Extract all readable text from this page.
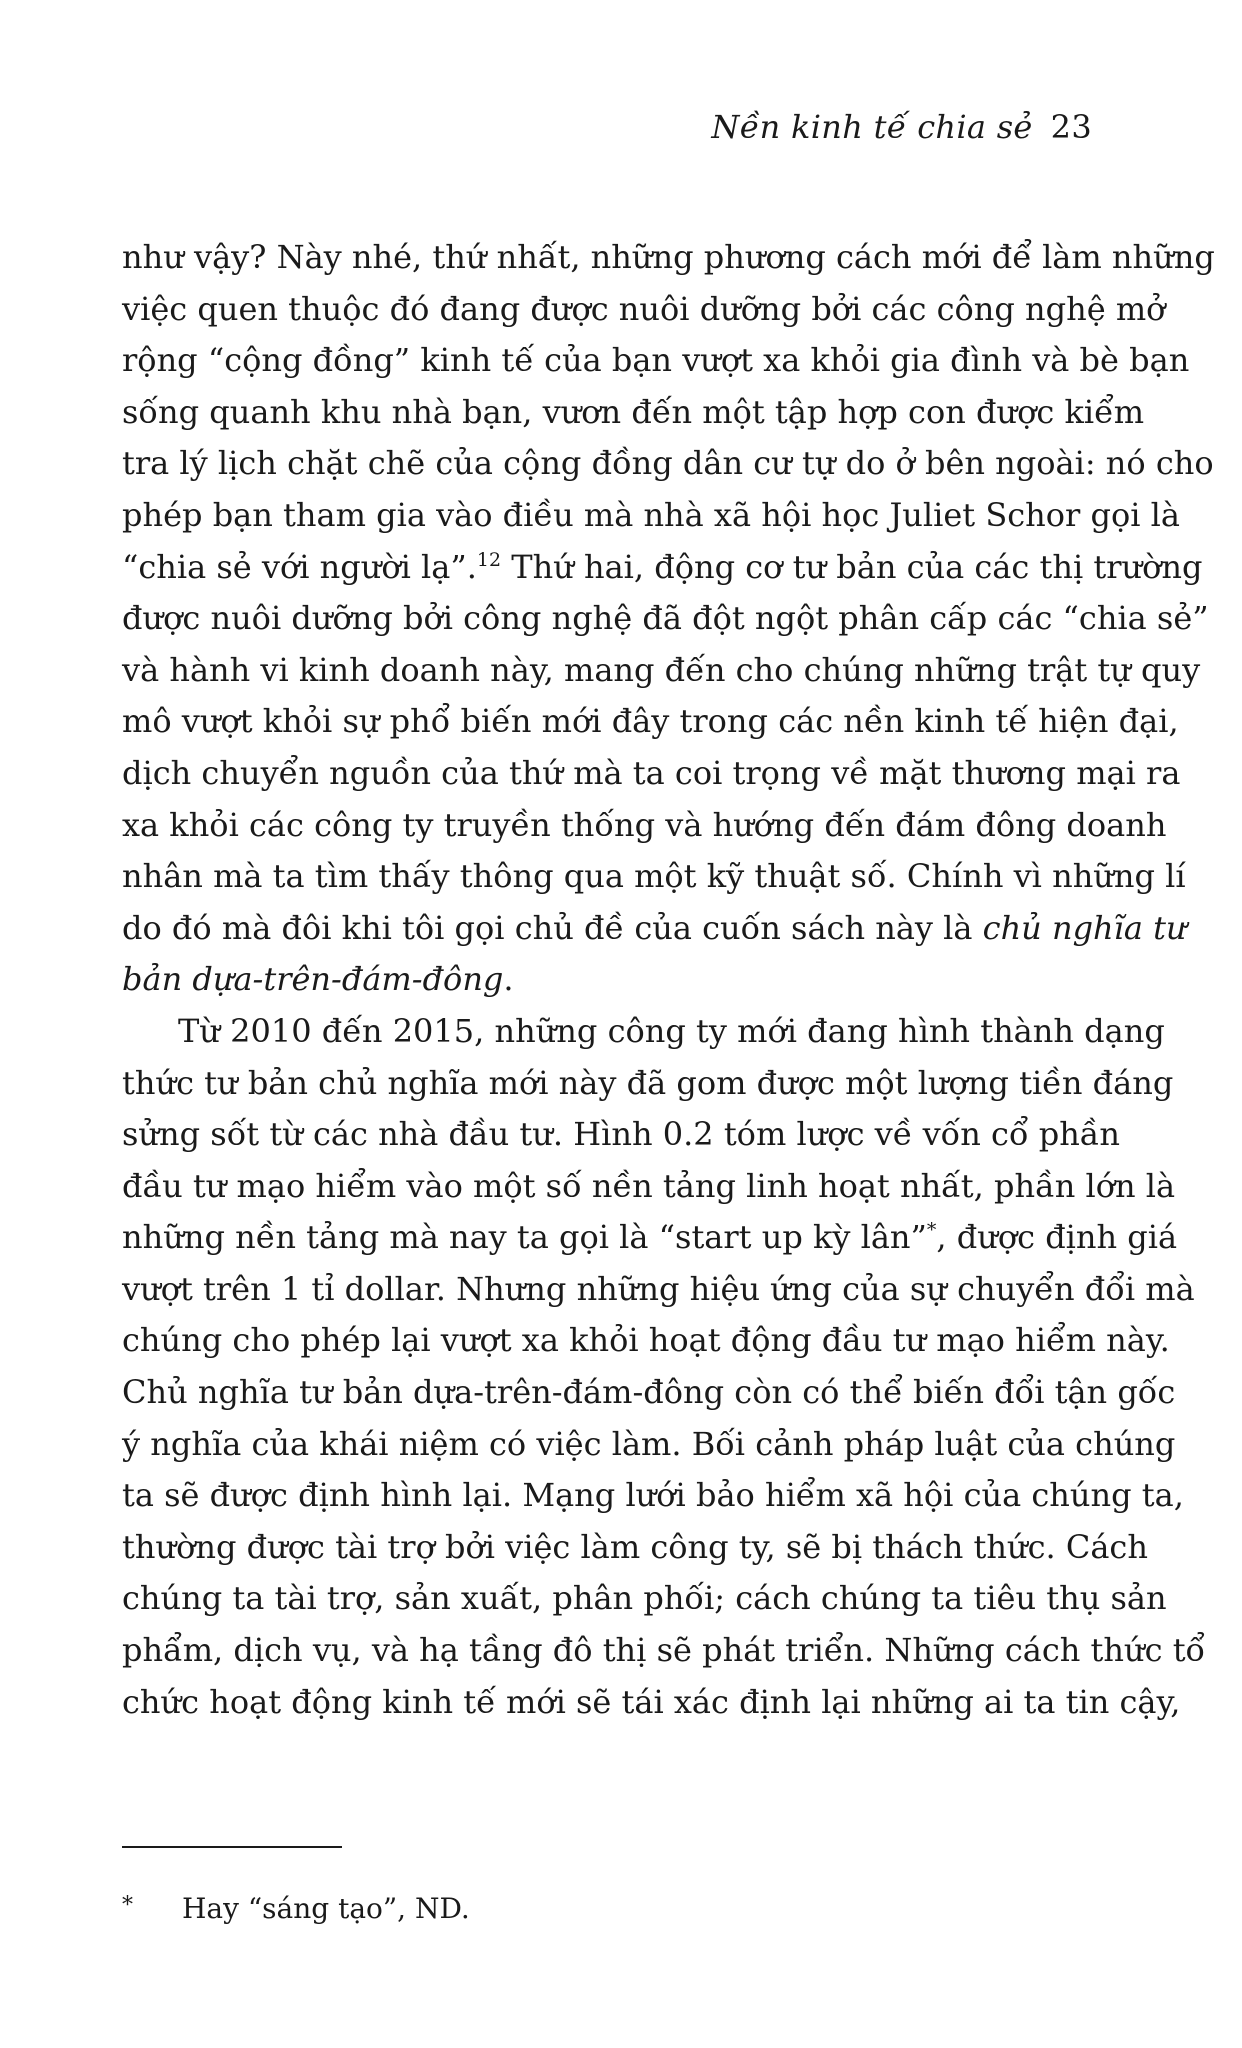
Nền kinh tế chia sẻ 23
như vậy? Này nhé, thứ nhất, những phương cách mới để làm những
việc quen thuộc đó đang được nuôi dưỡng bởi các công nghệ mở
rộng “cộng đồng” kinh tế của bạn vượt xa khỏi gia đình và bè bạn
sống quanh khu nhà bạn, vươn đến một tập hợp con được kiểm
tra lý lịch chặt chẽ của cộng đồng dân cư tự do ở bên ngoài: nó cho
phép bạn tham gia vào điều mà nhà xã hội học Juliet Schor gọi là
“chia sẻ với người lạ”.$^{12}$ Thứ hai, động cơ tư bản của các thị trường
được nuôi dưỡng bởi công nghệ đã đột ngột phân cấp các “chia sẻ”
và hành vi kinh doanh này, mang đến cho chúng những trật tự quy
mô vượt khỏi sự phổ biến mới đây trong các nền kinh tế hiện đại,
dịch chuyển nguồn của thứ mà ta coi trọng về mặt thương mại ra
xa khỏi các công ty truyền thống và hướng đến đám đông doanh
nhân mà ta tìm thấy thông qua một kỹ thuật số. Chính vì những lí
do đó mà đôi khi tôi gọi chủ đề của cuốn sách này là chủ nghĩa tư
bản dựa-trên-đám-đông.
Từ 2010 đến 2015, những công ty mới đang hình thành dạng
thức tư bản chủ nghĩa mới này đã gom được một lượng tiền đáng
sửng sốt từ các nhà đầu tư. Hình 0.2 tóm lược về vốn cổ phần
đầu tư mạo hiểm vào một số nền tảng linh hoạt nhất, phần lớn là
những nền tảng mà nay ta gọi là “start up kỳ lân”*, được định giá
vượt trên 1 tỉ dollar. Nhưng những hiệu ứng của sự chuyển đổi mà
chúng cho phép lại vượt xa khỏi hoạt động đầu tư mạo hiểm này.
Chủ nghĩa tư bản dựa-trên-đám-đông còn có thể biến đổi tận gốc
ý nghĩa của khái niệm có việc làm. Bối cảnh pháp luật của chúng
ta sẽ được định hình lại. Mạng lưới bảo hiểm xã hội của chúng ta,
thường được tài trợ bởi việc làm công ty, sẽ bị thách thức. Cách
chúng ta tài trợ, sản xuất, phân phối; cách chúng ta tiêu thụ sản
phẩm, dịch vụ, và hạ tầng đô thị sẽ phát triển. Những cách thức tổ
chức hoạt động kinh tế mới sẽ tái xác định lại những ai ta tin cậy,
* Hay “sáng tạo”, ND.
